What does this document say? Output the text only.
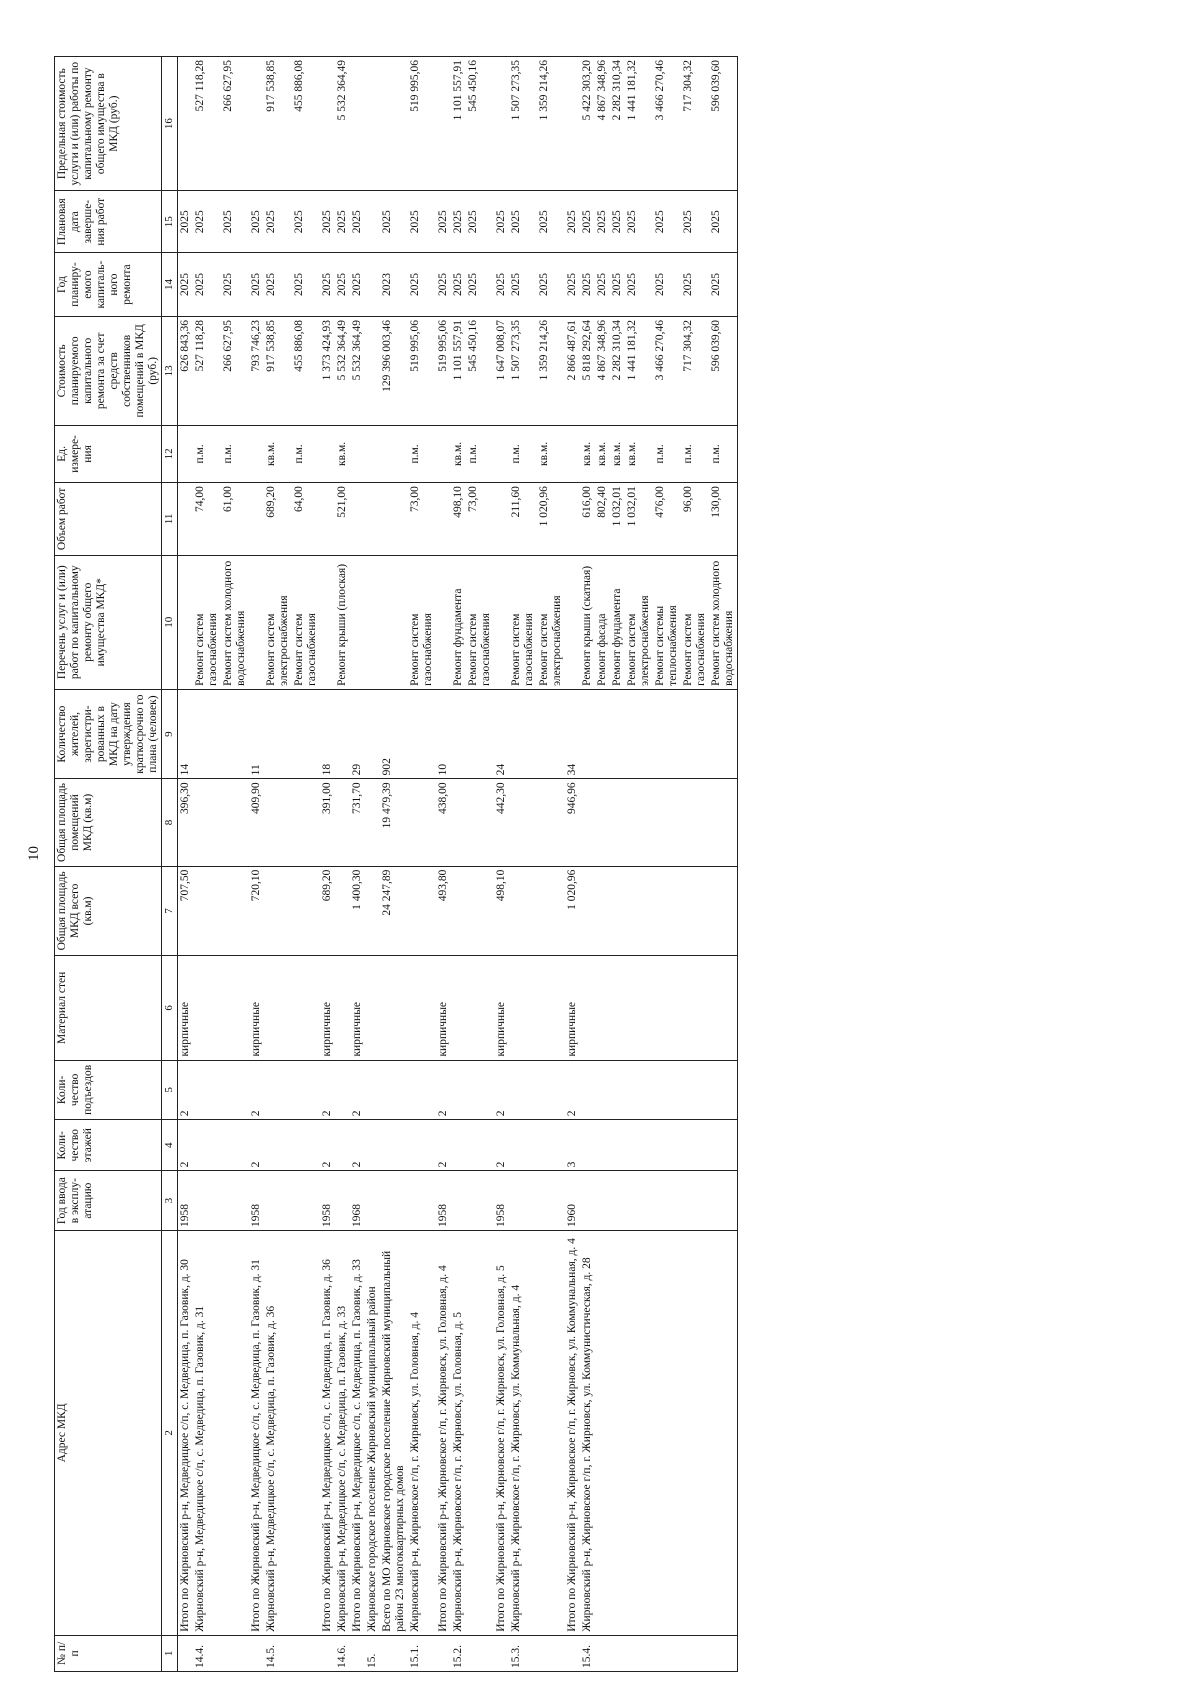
10
№ п/п	Адрес МКД	Год ввода в эксплу-атацию	Коли-чество этажей	Коли-чество подъездов	Материал стен	Общая площадь МКД всего (кв.м)	Общая площадь помещений МКД (кв.м)	Количество жителей, зарегистри-рованных в МКД на дату утверждения краткосрочно го плана (человек)	Перечень услуг и (или) работ по капитальному ремонту общего имущества МКД*	Объем работ	Ед. измере-ния	Стоимость планируемого капитального ремонта за счет средств собственников помещений в МКД (руб.)	Год планиру-емого капиталь-ного ремонта	Плановая дата заверше-ния работ	Предельная стоимость услуги и (или) работы по капитальному ремонту общего имущества в МКД (руб.)
1	2	3	4	5	6	7	8	9	10	11	12	13	14	15	16
	Итого по Жирновский р-н, Медведицкое с/п, с. Медведица, п. Газовик, д. 30	1958	2	2	кирпичные	707,50	396,30	14				626 843,36	2025	2025	
14.4.	Жирновский р-н, Медведицкое с/п, с. Медведица, п. Газовик, д. 31								Ремонт систем газоснабжения	74,00	п.м.	527 118,28	2025	2025	527 118,28
									Ремонт систем холодного водоснабжения	61,00	п.м.	266 627,95	2025	2025	266 627,95
	Итого по Жирновский р-н, Медведицкое с/п, с. Медведица, п. Газовик, д. 31	1958	2	2	кирпичные	720,10	409,90	11				793 746,23	2025	2025	
14.5.	Жирновский р-н, Медведицкое с/п, с. Медведица, п. Газовик, д. 36								Ремонт систем электроснабжения	689,20	кв.м.	917 538,85	2025	2025	917 538,85
									Ремонт систем газоснабжения	64,00	п.м.	455 886,08	2025	2025	455 886,08
	Итого по Жирновский р-н, Медведицкое с/п, с. Медведица, п. Газовик, д. 36	1958	2	2	кирпичные	689,20	391,00	18				1 373 424,93	2025	2025	
14.6.	Жирновский р-н, Медведицкое с/п, с. Медведица, п. Газовик, д. 33								Ремонт крыши (плоская)	521,00	кв.м.	5 532 364,49	2025	2025	5 532 364,49
	Итого по Жирновский р-н, Медведицкое с/п, с. Медведица, п. Газовик, д. 33	1968	2	2	кирпичные	1 400,30	731,70	29				5 532 364,49	2025	2025	
15.	Жирновское городское поселение Жирновский муниципальный район														
	Всего по МО Жирновское городское поселение Жирновский муниципальный район 23 многоквартирных домов					24 247,89	19 479,39	902				129 396 003,46	2023	2025	
15.1.	Жирновский р-н, Жирновское г/п, г. Жирновск, ул. Головная, д. 4								Ремонт систем газоснабжения	73,00	п.м.	519 995,06	2025	2025	519 995,06
	Итого по Жирновский р-н, Жирновское г/п, г. Жирновск, ул. Головная, д. 4	1958	2	2	кирпичные	493,80	438,00	10				519 995,06	2025	2025	
15.2.	Жирновский р-н, Жирновское г/п, г. Жирновск, ул. Головная, д. 5								Ремонт фундамента	498,10	кв.м.	1 101 557,91	2025	2025	1 101 557,91
									Ремонт систем газоснабжения	73,00	п.м.	545 450,16	2025	2025	545 450,16
	Итого по Жирновский р-н, Жирновское г/п, г. Жирновск, ул. Головная, д. 5	1958	2	2	кирпичные	498,10	442,30	24				1 647 008,07	2025	2025	
15.3.	Жирновский р-н, Жирновское г/п, г. Жирновск, ул. Коммунальная, д. 4								Ремонт систем газоснабжения	211,60	п.м.	1 507 273,35	2025	2025	1 507 273,35
									Ремонт систем электроснабжения	1 020,96	кв.м.	1 359 214,26	2025	2025	1 359 214,26
	Итого по Жирновский р-н, Жирновское г/п, г. Жирновск, ул. Коммунальная, д. 4	1960	3	2	кирпичные	1 020,96	946,96	34				2 866 487,61	2025	2025	
15.4.	Жирновский р-н, Жирновское г/п, г. Жирновск, ул. Коммунистическая, д. 28								Ремонт крыши (скатная)	616,00	кв.м.	5 818 292,64	2025	2025	5 422 303,20
									Ремонт фасада	802,40	кв.м.	4 867 348,96	2025	2025	4 867 348,96
									Ремонт фундамента	1 032,01	кв.м.	2 282 310,34	2025	2025	2 282 310,34
									Ремонт систем электроснабжения	1 032,01	кв.м.	1 441 181,32	2025	2025	1 441 181,32
									Ремонт системы теплоснабжения	476,00	п.м.	3 466 270,46	2025	2025	3 466 270,46
									Ремонт систем газоснабжения	96,00	п.м.	717 304,32	2025	2025	717 304,32
									Ремонт систем холодного водоснабжения	130,00	п.м.	596 039,60	2025	2025	596 039,60
